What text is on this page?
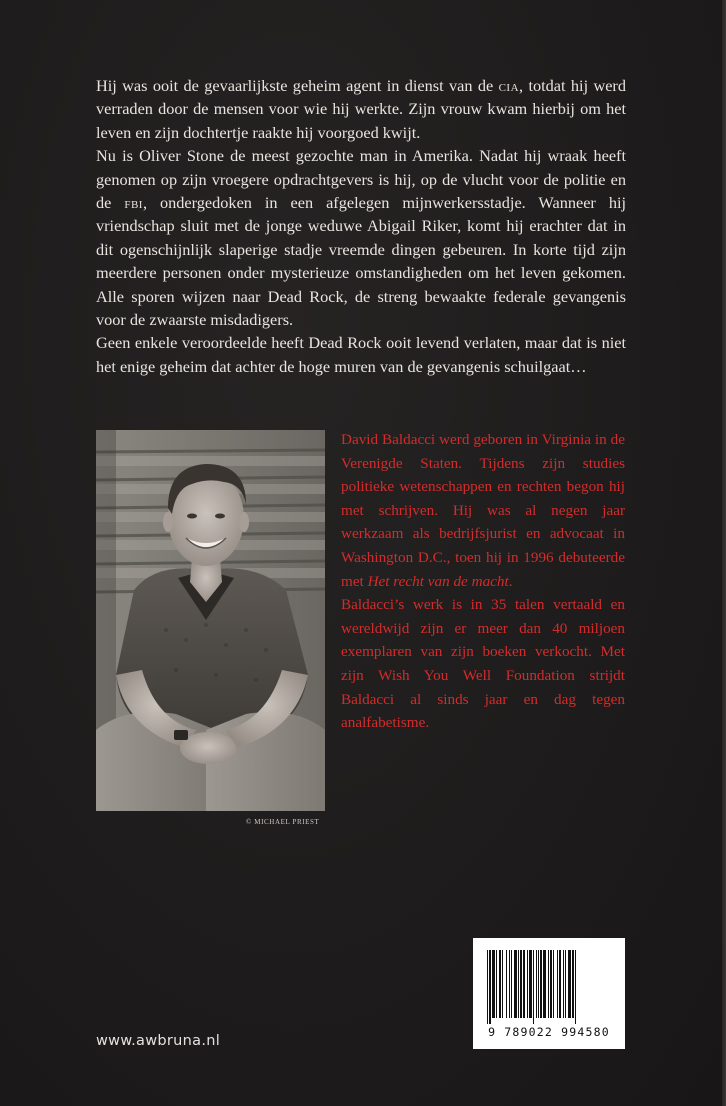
Hij was ooit de gevaarlijkste geheim agent in dienst van de cia, totdat hij werd verraden door de mensen voor wie hij werkte. Zijn vrouw kwam hierbij om het leven en zijn dochtertje raakte hij voorgoed kwijt.

Nu is Oliver Stone de meest gezochte man in Amerika. Nadat hij wraak heeft genomen op zijn vroegere opdrachtgevers is hij, op de vlucht voor de politie en de fbi, ondergedoken in een afgelegen mijnwerkersstadje. Wanneer hij vriendschap sluit met de jonge weduwe Abigail Riker, komt hij erachter dat in dit ogenschijnlijk slaperige stadje vreemde dingen gebeuren. In korte tijd zijn meerdere personen onder mysterieuze omstandigheden om het leven gekomen. Alle sporen wijzen naar Dead Rock, de streng bewaakte federale gevangenis voor de zwaarste misdadigers.

Geen enkele veroordeelde heeft Dead Rock ooit levend verlaten, maar dat is niet het enige geheim dat achter de hoge muren van de gevangenis schuilgaat…

© MICHAEL PRIEST

David Baldacci werd geboren in Virginia in de Verenigde Staten. Tijdens zijn studies politieke wetenschappen en rechten begon hij met schrijven. Hij was al negen jaar werkzaam als bedrijfsjurist en advocaat in Washington D.C., toen hij in 1996 debuteerde met Het recht van de macht.

Baldacci’s werk is in 35 talen vertaald en wereldwijd zijn er meer dan 40 miljoen exemplaren van zijn boeken verkocht. Met zijn Wish You Well Foundation strijdt Baldacci al sinds jaar en dag tegen analfabetisme.

9 789022 994580
www.awbruna.nl
